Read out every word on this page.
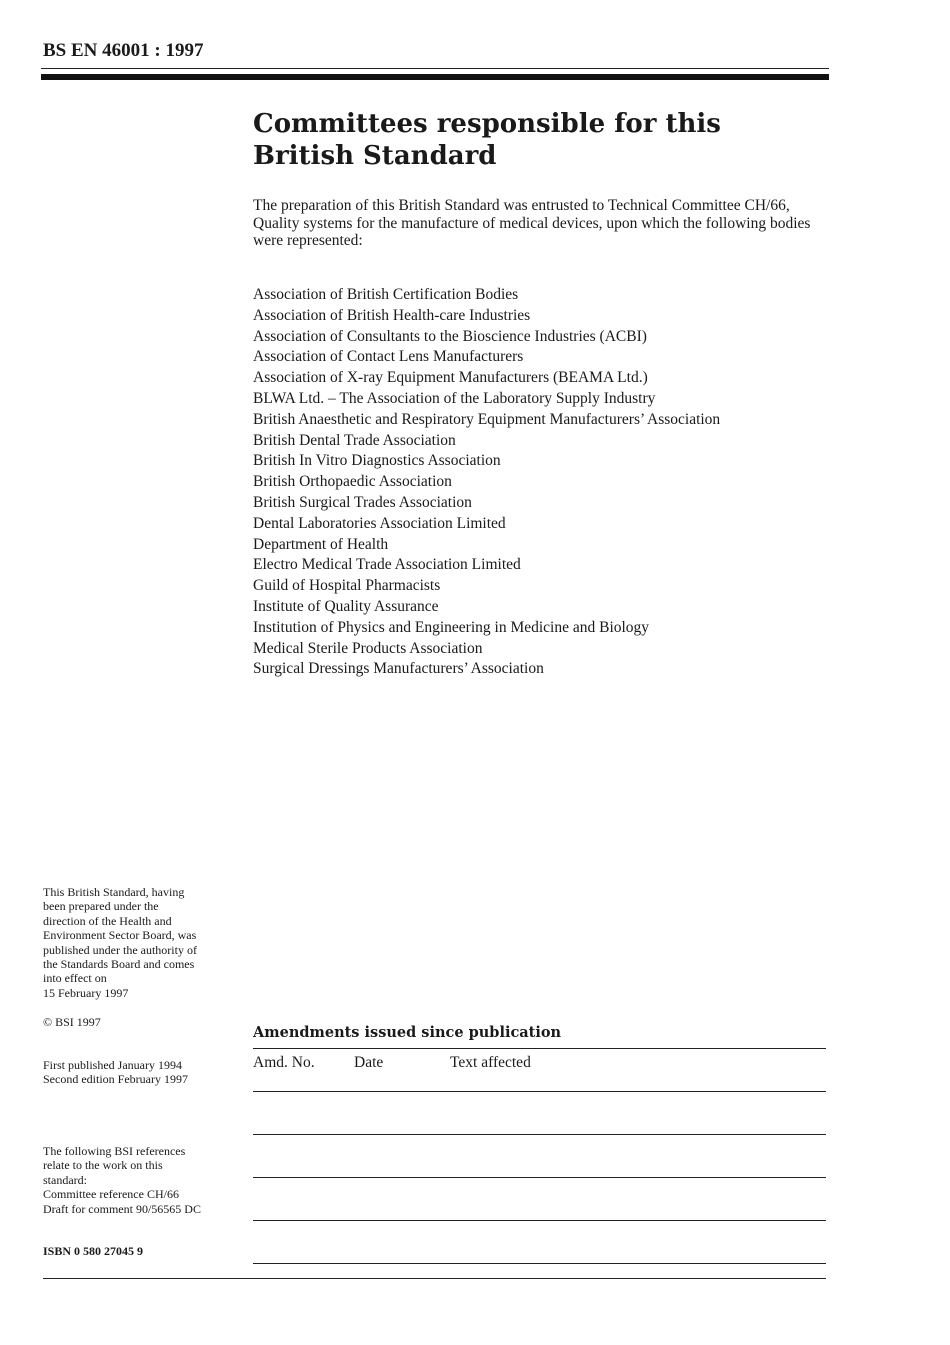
BS EN 46001 : 1997
Committees responsible for this
British Standard

The preparation of this British Standard was entrusted to Technical Committee CH/66, Quality systems for the manufacture of medical devices, upon which the following bodies were represented:

Association of British Certification Bodies
Association of British Health-care Industries
Association of Consultants to the Bioscience Industries (ACBI)
Association of Contact Lens Manufacturers
Association of X-ray Equipment Manufacturers (BEAMA Ltd.)
BLWA Ltd. – The Association of the Laboratory Supply Industry
British Anaesthetic and Respiratory Equipment Manufacturers’ Association
British Dental Trade Association
British In Vitro Diagnostics Association
British Orthopaedic Association
British Surgical Trades Association
Dental Laboratories Association Limited
Department of Health
Electro Medical Trade Association Limited
Guild of Hospital Pharmacists
Institute of Quality Assurance
Institution of Physics and Engineering in Medicine and Biology
Medical Sterile Products Association
Surgical Dressings Manufacturers’ Association
This British Standard, having
been prepared under the
direction of the Health and
Environment Sector Board, was
published under the authority of
the Standards Board and comes
into effect on
15 February 1997
© BSI 1997
First published January 1994
Second edition February 1997
The following BSI references
relate to the work on this
standard:
Committee reference CH/66
Draft for comment 90/56565 DC
ISBN 0 580 27045 9
Amendments issued since publication
Amd. No.	Date	Text affected
